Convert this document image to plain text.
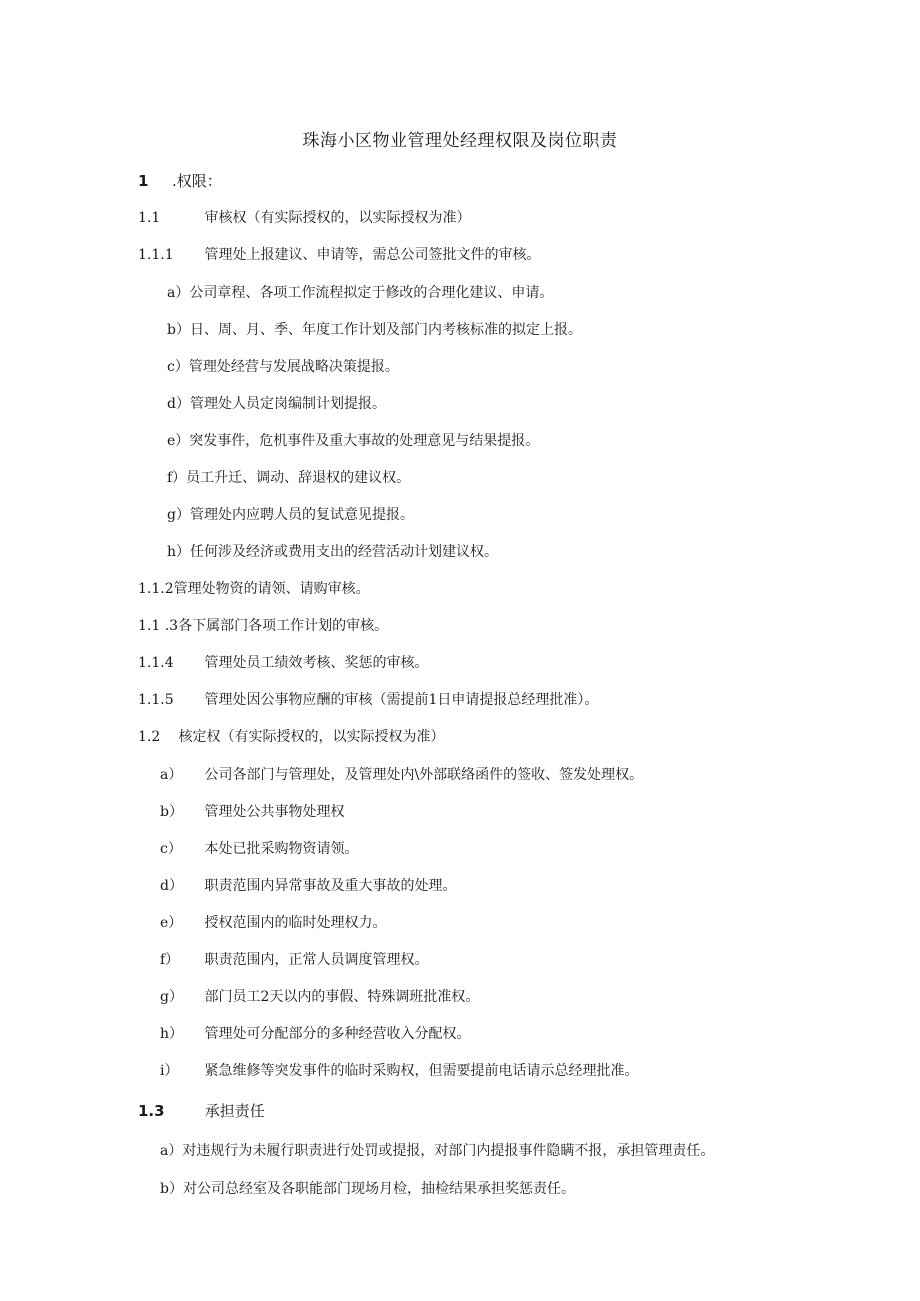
珠海小区物业管理处经理权限及岗位职责
1 .权限：
1.1	审核权（有实际授权的，以实际授权为准）
1.1.1 管理处上报建议、申请等，需总公司签批文件的审核。
a）公司章程、各项工作流程拟定于修改的合理化建议、申请。
b）日、周、月、季、年度工作计划及部门内考核标准的拟定上报。
c）管理处经营与发展战略决策提报。
d）管理处人员定岗编制计划提报。
e）突发事件，危机事件及重大事故的处理意见与结果提报。
f）员工升迁、调动、辞退权的建议权。
g）管理处内应聘人员的复试意见提报。
h）任何涉及经济或费用支出的经营活动计划建议权。
1.1.2管理处物资的请领、请购审核。
1.1 .3各下属部门各项工作计划的审核。
1.1.4 管理处员工绩效考核、奖惩的审核。
1.1.5 管理处因公事物应酬的审核（需提前1日申请提报总经理批准）。
1.2 核定权（有实际授权的，以实际授权为准）
a） 公司各部门与管理处，及管理处内\外部联络函件的签收、签发处理权。
b） 管理处公共事物处理权
c） 本处已批采购物资请领。
d） 职责范围内异常事故及重大事故的处理。
e） 授权范围内的临时处理权力。
f） 职责范围内，正常人员调度管理权。
g） 部门员工2天以内的事假、特殊调班批准权。
h） 管理处可分配部分的多种经营收入分配权。
i） 紧急维修等突发事件的临时采购权，但需要提前电话请示总经理批准。
1.3	承担责任
a）对违规行为未履行职责进行处罚或提报，对部门内提报事件隐瞒不报，承担管理责任。
b）对公司总经室及各职能部门现场月检，抽检结果承担奖惩责任。
